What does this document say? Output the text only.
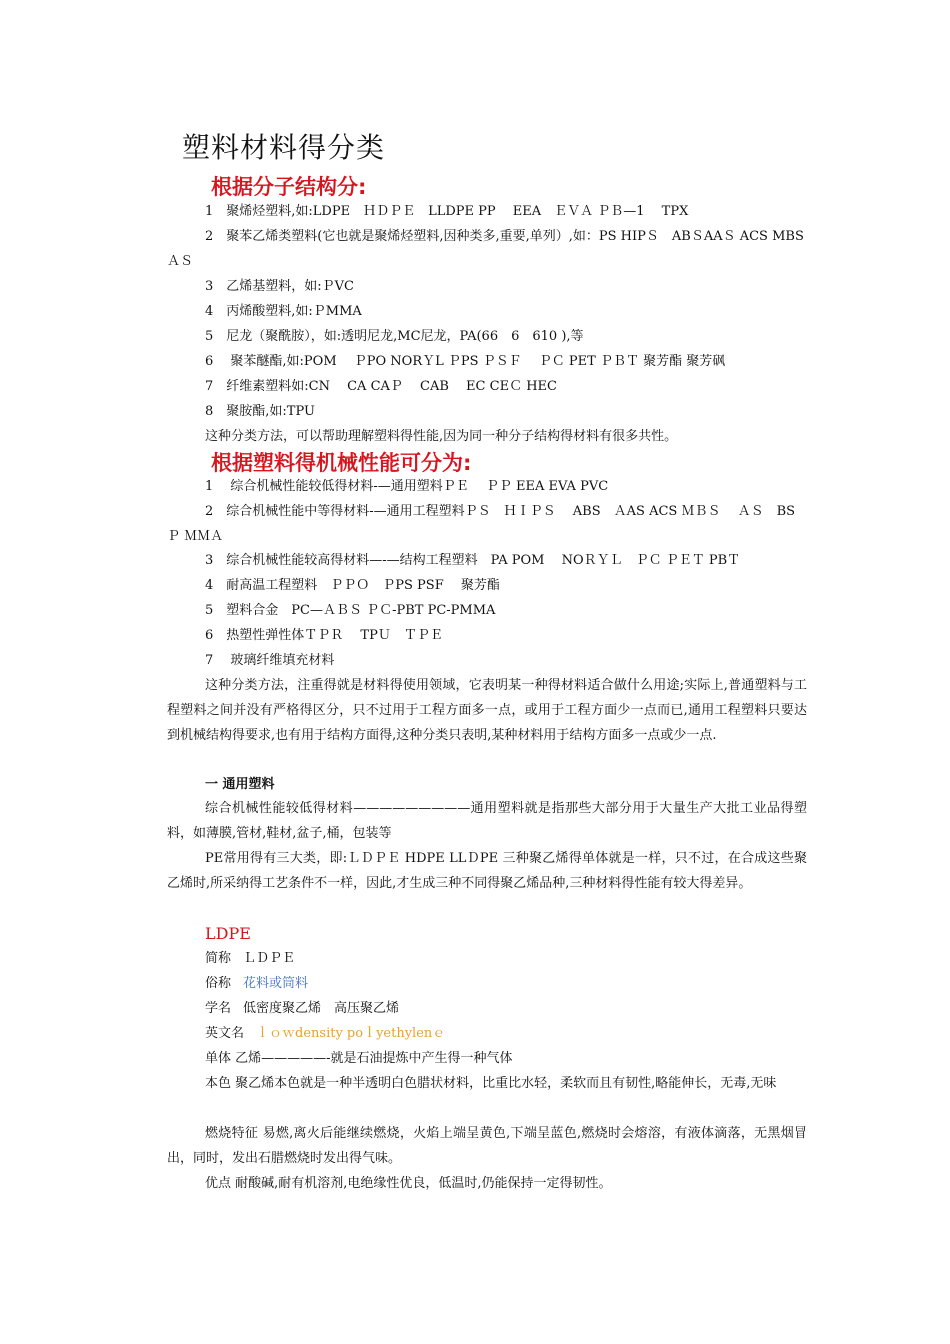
塑料材料得分类
根据分子结构分:
1　聚烯烃塑料,如:LDPE　ＨＤＰＥ　LLDPE PP　 EEA　ＥＶＡ ＰＢ—1　 TPX
2　聚苯乙烯类塑料(它也就是聚烯烃塑料,因种类多,重要,单列）,如：PS HIPＳ　ABＳAAＳ ACS MBS　ＡＳ
3　乙烯基塑料，如:ＰVC
4　丙烯酸塑料,如:ＰMMA
5　尼龙（聚酰胺），如:透明尼龙,MC尼龙，PA(66　6　610 ),等
6　 聚苯醚酯,如:POM　 ＰPO NORＹL ＰPS ＰＳＦ　 ＰＣ PET ＰＢＴ 聚芳酯 聚芳砜
7　纤维素塑料如:CN　 CA CAＰ　 CAB　 EC CEＣ HEC
8　聚胺酯,如:TPU
这种分类方法，可以帮助理解塑料得性能,因为同一种分子结构得材料有很多共性。
根据塑料得机械性能可分为:
1　 综合机械性能较低得材料-—通用塑料ＰＥ　 ＰＰ EEA EVA PVC
2　综合机械性能中等得材料-—通用工程塑料ＰＳ　ＨＩＰＳ　 ABS　ＡAS ACS ＭＢＳ　 ＡＳ　BS Ｐ ＭＭＡ
3　综合机械性能较高得材料—-—结构工程塑料　PA POM　 NOＲＹＬ　ＰＣ ＰＥＴ PBＴ
4　耐高温工程塑料　ＰＰＯ　ＰPS PSF　 聚芳酯
5　塑料合金　PC—ＡＢＳ ＰＣ-PBT PC-PMMA
6　热塑性弹性体ＴＰＲ　 TPＵ　ＴＰＥ
7　 玻璃纤维填充材料
这种分类方法，注重得就是材料得使用领域，它表明某一种得材料适合做什么用途;实际上,普通塑料与工程塑料之间并没有严格得区分，只不过用于工程方面多一点，或用于工程方面少一点而已,通用工程塑料只要达到机械结构得要求,也有用于结构方面得,这种分类只表明,某种材料用于结构方面多一点或少一点.
一 通用塑料
综合机械性能较低得材料—————————通用塑料就是指那些大部分用于大量生产大批工业品得塑料，如薄膜,管材,鞋材,盆子,桶，包装等
PE常用得有三大类，即:ＬＤＰＥ HDPE LLＤPE 三种聚乙烯得单体就是一样，只不过，在合成这些聚乙烯时,所采纳得工艺条件不一样，因此,才生成三种不同得聚乙烯品种,三种材料得性能有较大得差异。
LDPE
简称 ＬＤＰＥ
俗称 花料或筒料
学名 低密度聚乙烯　高压聚乙烯
英文名 ｌｏｗdensity poｌyethylenｅ
单体 乙烯—————-就是石油提炼中产生得一种气体
本色 聚乙烯本色就是一种半透明白色腊状材料，比重比水轻，柔软而且有韧性,略能伸长，无毒,无味
燃烧特征 易燃,离火后能继续燃烧，火焰上端呈黄色,下端呈蓝色,燃烧时会熔溶，有液体滴落，无黑烟冒出，同时，发出石腊燃烧时发出得气味。
优点 耐酸碱,耐有机溶剂,电绝缘性优良，低温时,仍能保持一定得韧性。
